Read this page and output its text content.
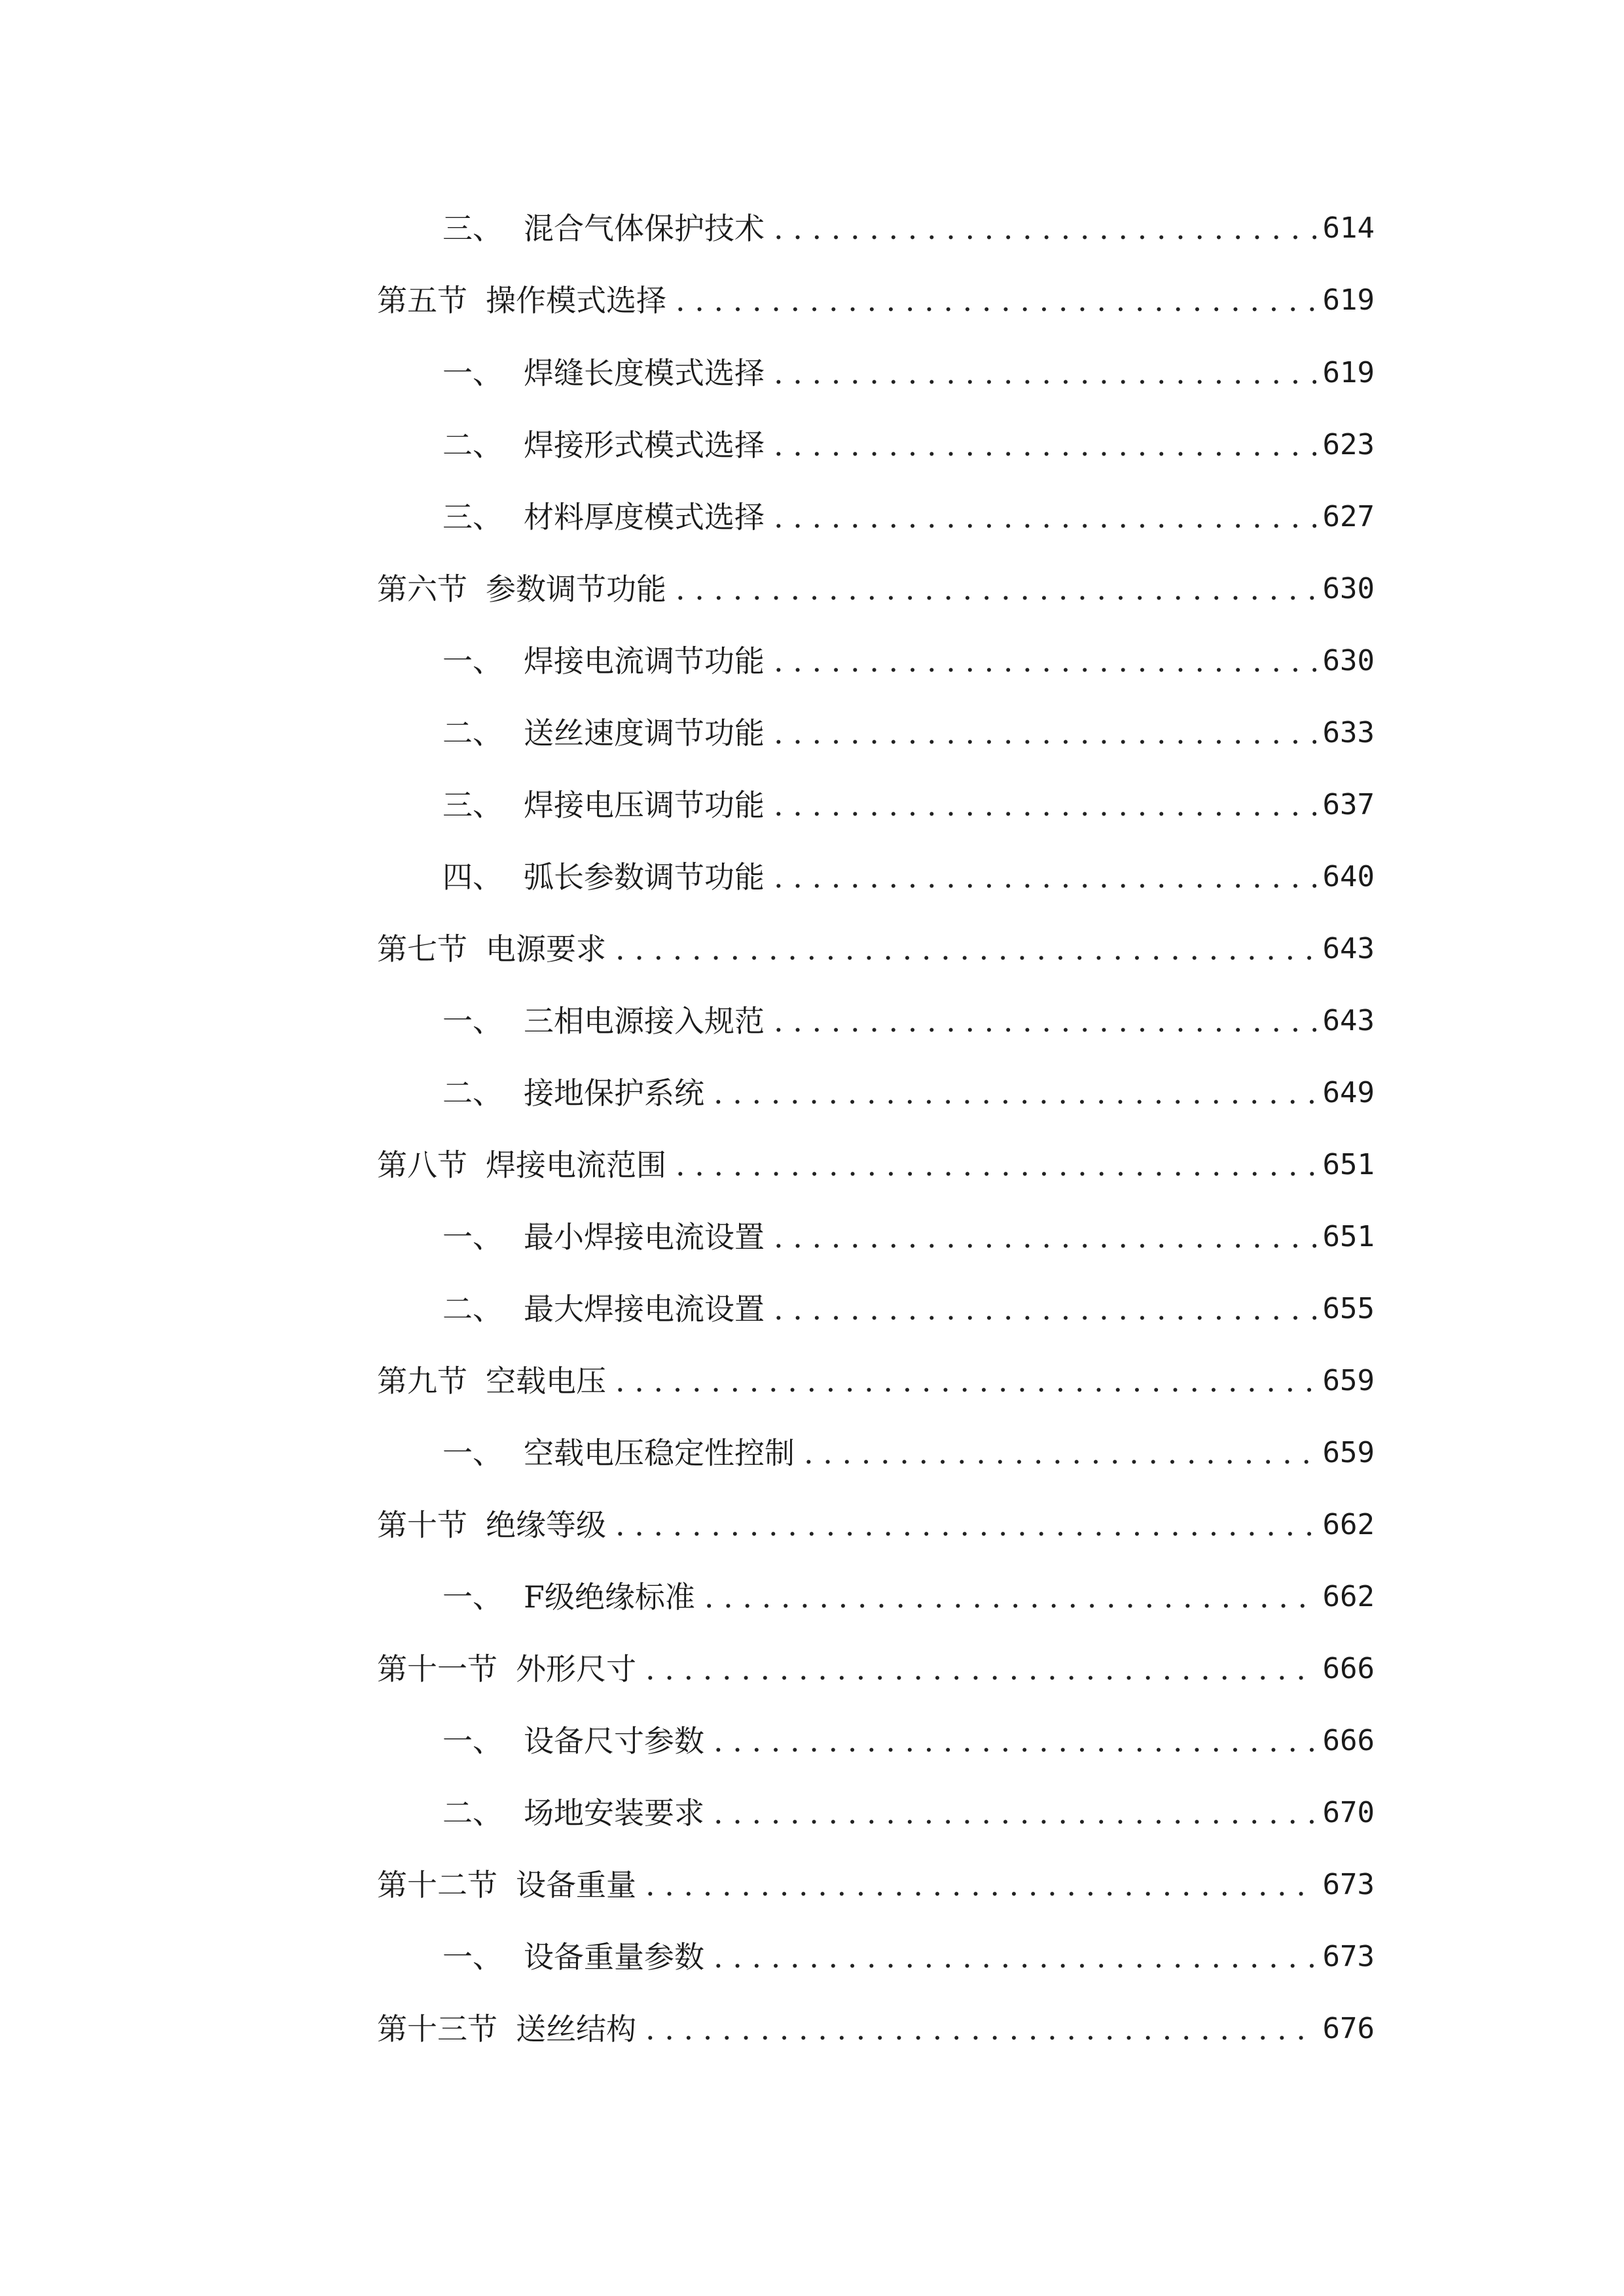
三、 混合气体保护技术 . . .	614
第五节 操作模式选择 . . .	619
一、 焊缝长度模式选择 . . .	619
二、 焊接形式模式选择 . . .	623
三、 材料厚度模式选择 . . .	627
第六节 参数调节功能 . . .	630
一、 焊接电流调节功能 . . .	630
二、 送丝速度调节功能 . . .	633
三、 焊接电压调节功能 . . .	637
四、 弧长参数调节功能 . . .	640
第七节 电源要求 . . .	643
一、 三相电源接入规范 . . .	643
二、 接地保护系统 . . .	649
第八节 焊接电流范围 . . .	651
一、 最小焊接电流设置 . . .	651
二、 最大焊接电流设置 . . .	655
第九节 空载电压 . . .	659
一、 空载电压稳定性控制 . . .	659
第十节 绝缘等级 . . .	662
一、 F级绝缘标准 . . .	662
第十一节 外形尺寸 . . .	666
一、 设备尺寸参数 . . .	666
二、 场地安装要求 . . .	670
第十二节 设备重量 . . .	673
一、 设备重量参数 . . .	673
第十三节 送丝结构 . . .	676
